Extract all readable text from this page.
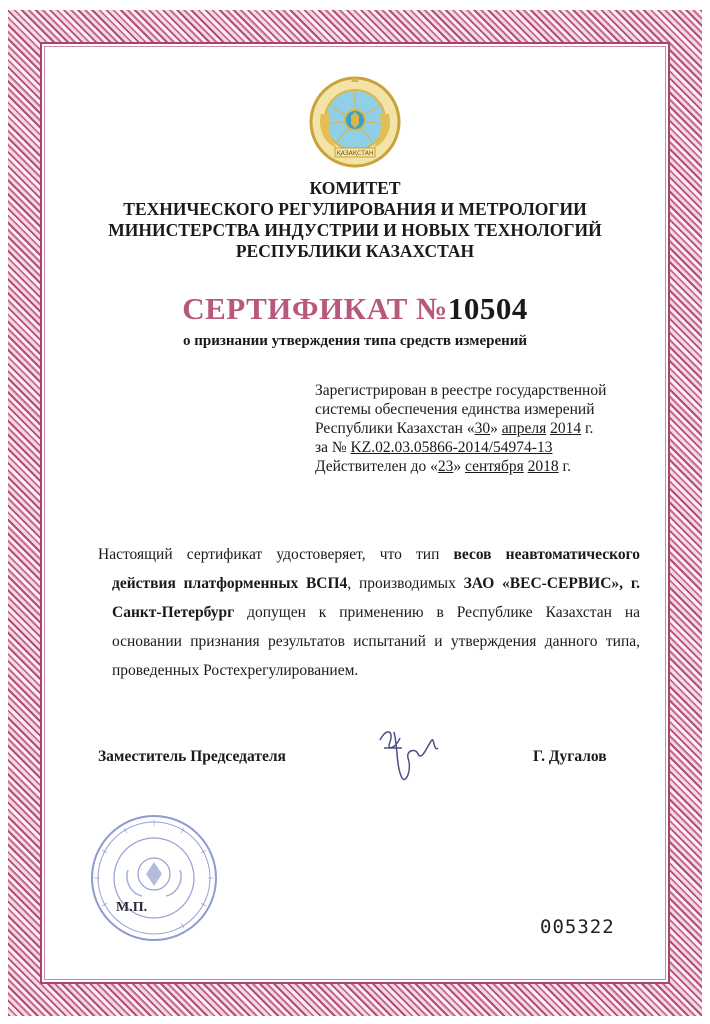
ҚАЗАҚСТАН
КОМИТЕТ
ТЕХНИЧЕСКОГО РЕГУЛИРОВАНИЯ И МЕТРОЛОГИИ
МИНИСТЕРСТВА ИНДУСТРИИ И НОВЫХ ТЕХНОЛОГИЙ
РЕСПУБЛИКИ КАЗАХСТАН
СЕРТИФИКАТ №10504
о признании утверждения типа средств измерений
Зарегистрирован в реестре государственной
системы обеспечения единства измерений
Республики Казахстан «30» апреля 2014 г.
за № KZ.02.03.05866-2014/54974-13
Действителен до «23» сентября 2018 г.

Настоящий сертификат удостоверяет, что тип весов неавтоматического действия платформенных ВСП4, производимых ЗАО «ВЕС-СЕРВИС», г. Санкт-Петербург допущен к применению в Республике Казахстан на основании признания результатов испытаний и утверждения данного типа, проведенных Ростехрегулированием.

Заместитель Председателя	Г. Дугалов
М.П.
005322
